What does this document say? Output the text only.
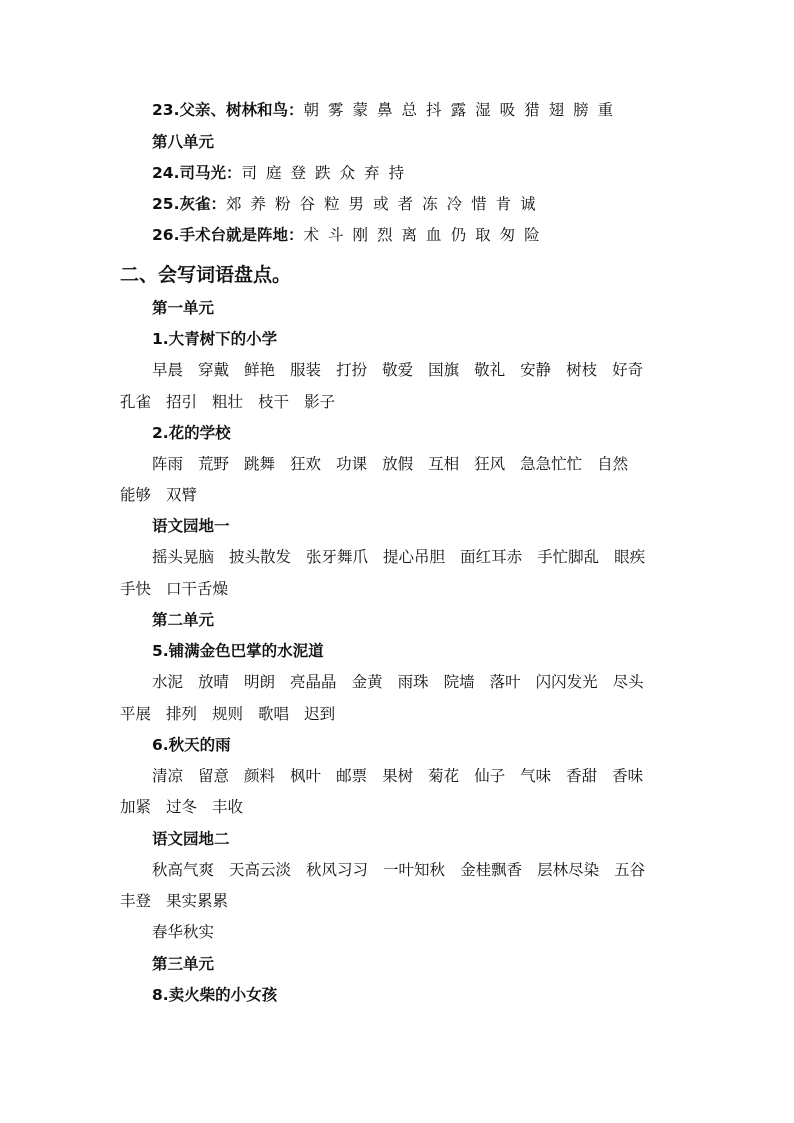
23.父亲、树林和鸟：朝 雾 蒙 鼻 总 抖 露 湿 吸 猎 翅 膀 重
第八单元
24.司马光：司 庭 登 跌 众 弃 持
25.灰雀：郊 养 粉 谷 粒 男 或 者 冻 冷 惜 肯 诚
26.手术台就是阵地：术 斗 刚 烈 离 血 仍 取 匆 险
二、会写词语盘点。
第一单元
1.大青树下的小学
早晨 穿戴 鲜艳 服装 打扮 敬爱 国旗 敬礼 安静 树枝 好奇
孔雀 招引 粗壮 枝干 影子
2.花的学校
阵雨 荒野 跳舞 狂欢 功课 放假 互相 狂风 急急忙忙 自然
能够 双臂
语文园地一
摇头晃脑 披头散发 张牙舞爪 提心吊胆 面红耳赤 手忙脚乱 眼疾
手快 口干舌燥
第二单元
5.铺满金色巴掌的水泥道
水泥 放晴 明朗 亮晶晶 金黄 雨珠 院墙 落叶 闪闪发光 尽头
平展 排列 规则 歌唱 迟到
6.秋天的雨
清凉 留意 颜料 枫叶 邮票 果树 菊花 仙子 气味 香甜 香味
加紧 过冬 丰收
语文园地二
秋高气爽 天高云淡 秋风习习 一叶知秋 金桂飘香 层林尽染 五谷
丰登 果实累累
春华秋实
第三单元
8.卖火柴的小女孩
